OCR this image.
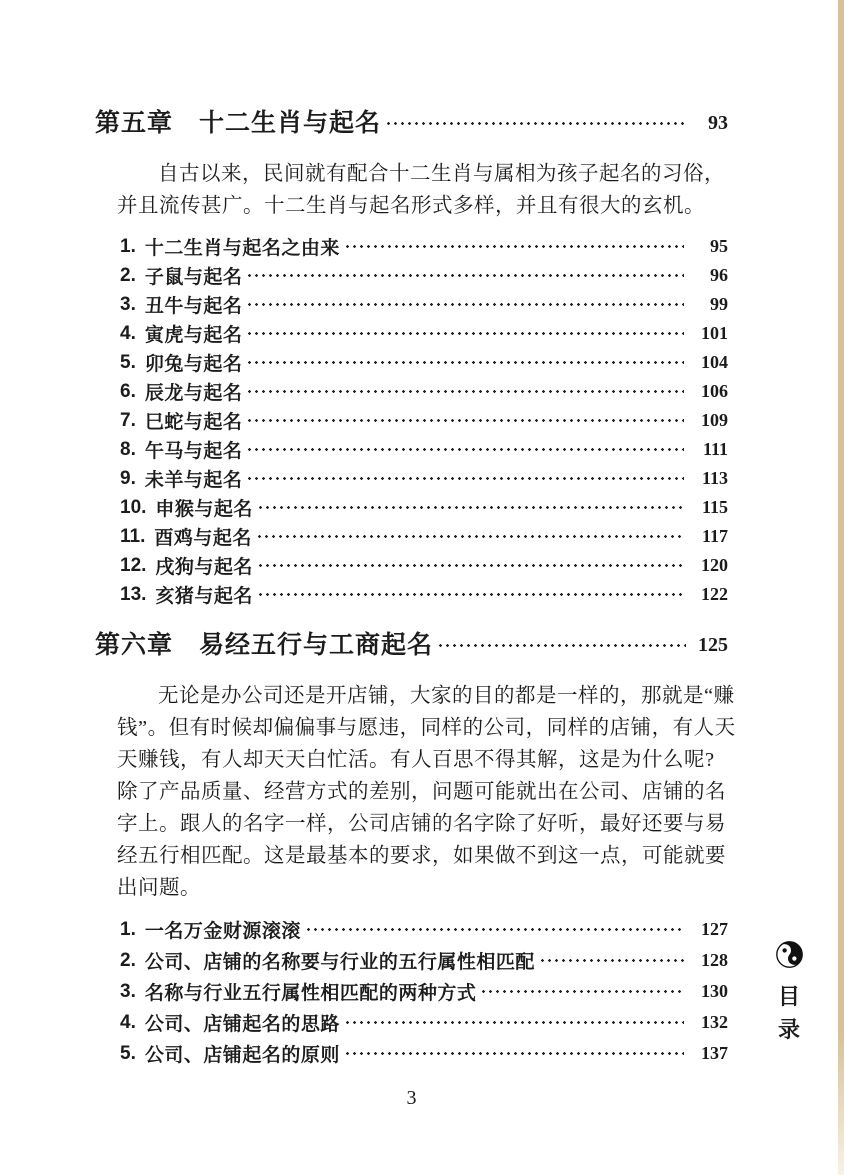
第五章 十二生肖与起名	93
自古以来，民间就有配合十二生肖与属相为孩子起名的习俗，
并且流传甚广。十二生肖与起名形式多样，并且有很大的玄机。
1. 十二生肖与起名之由来	95
2. 子鼠与起名	96
3. 丑牛与起名	99
4. 寅虎与起名	101
5. 卯兔与起名	104
6. 辰龙与起名	106
7. 巳蛇与起名	109
8. 午马与起名	111
9. 未羊与起名	113
10. 申猴与起名	115
11. 酉鸡与起名	117
12. 戌狗与起名	120
13. 亥猪与起名	122
第六章 易经五行与工商起名	125
无论是办公司还是开店铺，大家的目的都是一样的，那就是“赚
钱”。但有时候却偏偏事与愿违，同样的公司，同样的店铺，有人天
天赚钱，有人却天天白忙活。有人百思不得其解，这是为什么呢?
除了产品质量、经营方式的差别，问题可能就出在公司、店铺的名
字上。跟人的名字一样，公司店铺的名字除了好听，最好还要与易
经五行相匹配。这是最基本的要求，如果做不到这一点，可能就要
出问题。
1. 一名万金财源滚滚	127
2. 公司、店铺的名称要与行业的五行属性相匹配	128
3. 名称与行业五行属性相匹配的两种方式	130
4. 公司、店铺起名的思路	132
5. 公司、店铺起名的原则	137
3
目
录
